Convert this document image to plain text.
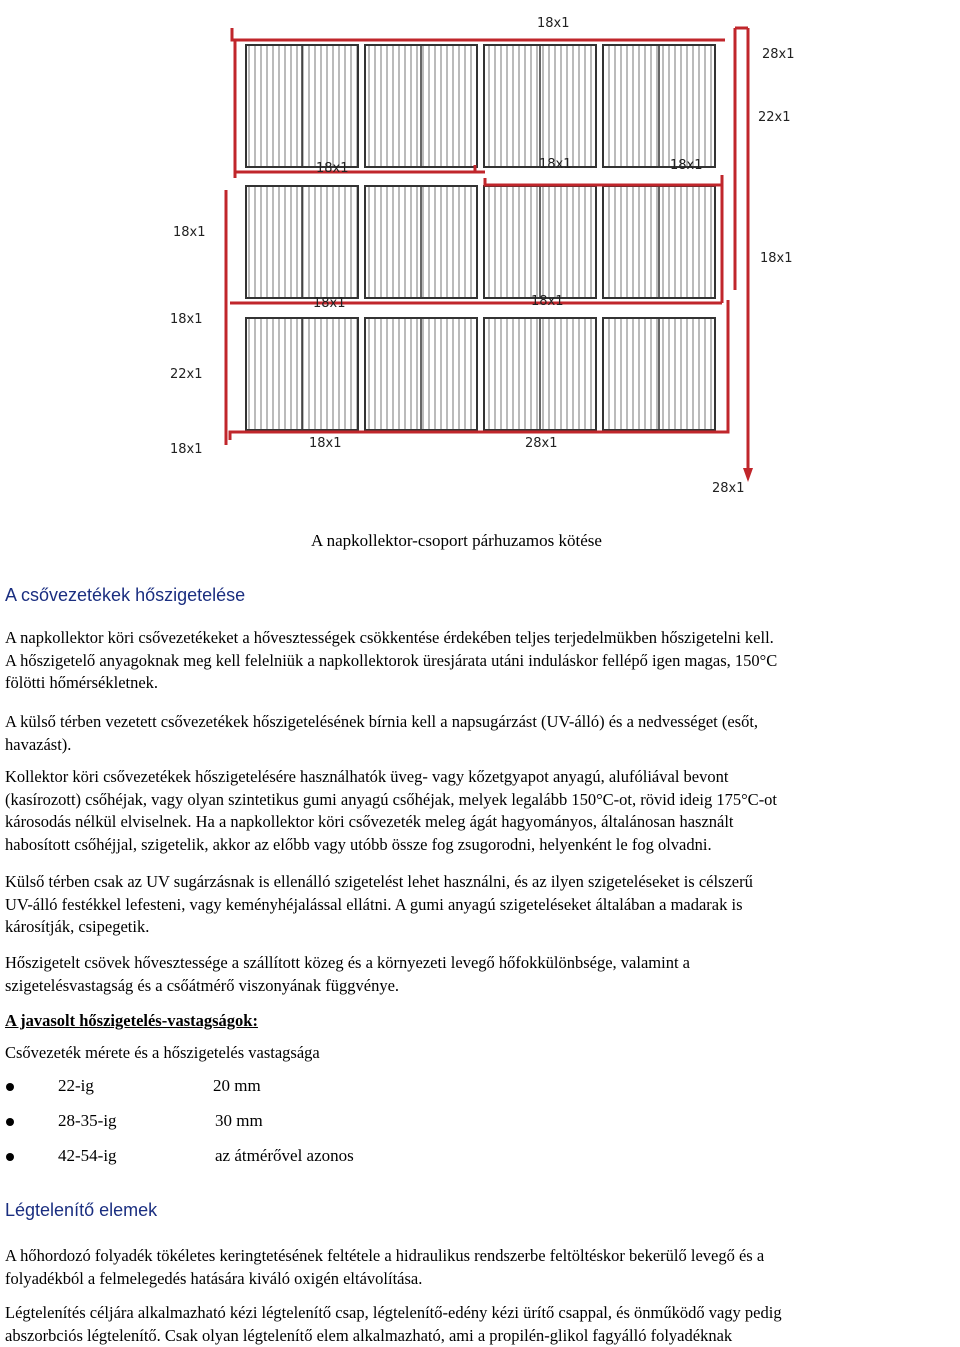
18x1
28x1
22x1
18x1
18x1
18x1
22x1
18x1
18x1	18x1	18x1
18x1	18x1
18x1	28x1
28x1
A napkollektor-csoport párhuzamos kötése
A csővezetékek hőszigetelése
A napkollektor köri csővezetékeket a hővesztességek csökkentése érdekében teljes terjedelmükben hőszigetelni kell.
A hőszigetelő anyagoknak meg kell felelniük a napkollektorok üresjárata utáni induláskor fellépő igen magas, 150°C
fölötti hőmérsékletnek.
A külső térben vezetett csővezetékek hőszigetelésének bírnia kell a napsugárzást (UV-álló) és a nedvességet (esőt,
havazást).
Kollektor köri csővezetékek hőszigetelésére használhatók üveg- vagy kőzetgyapot anyagú, alufóliával bevont
(kasírozott) csőhéjak, vagy olyan szintetikus gumi anyagú csőhéjak, melyek legalább 150°C-ot, rövid ideig 175°C-ot
károsodás nélkül elviselnek. Ha a napkollektor köri csővezeték meleg ágát hagyományos, általánosan használt
habosított csőhéjjal, szigetelik, akkor az előbb vagy utóbb össze fog zsugorodni, helyenként le fog olvadni.
Külső térben csak az UV sugárzásnak is ellenálló szigetelést lehet használni, és az ilyen szigeteléseket is célszerű
UV-álló festékkel lefesteni, vagy keményhéjalással ellátni. A gumi anyagú szigeteléseket általában a madarak is
károsítják, csipegetik.
Hőszigetelt csövek hővesztessége a szállított közeg és a környezeti levegő hőfokkülönbsége, valamint a
szigetelésvastagság és a csőátmérő viszonyának függvénye.
A javasolt hőszigetelés-vastagságok:
Csővezeték mérete és a hőszigetelés vastagsága
22-ig	20 mm
28-35-ig	30 mm
42-54-ig	az átmérővel azonos
Légtelenítő elemek
A hőhordozó folyadék tökéletes keringtetésének feltétele a hidraulikus rendszerbe feltöltéskor bekerülő levegő és a
folyadékból a felmelegedés hatására kiváló oxigén eltávolítása.
Légtelenítés céljára alkalmazható kézi légtelenítő csap, légtelenítő-edény kézi ürítő csappal, és önműködő vagy pedig
abszorbciós légtelenítő. Csak olyan légtelenítő elem alkalmazható, ami a propilén-glikol fagyálló folyadéknak
